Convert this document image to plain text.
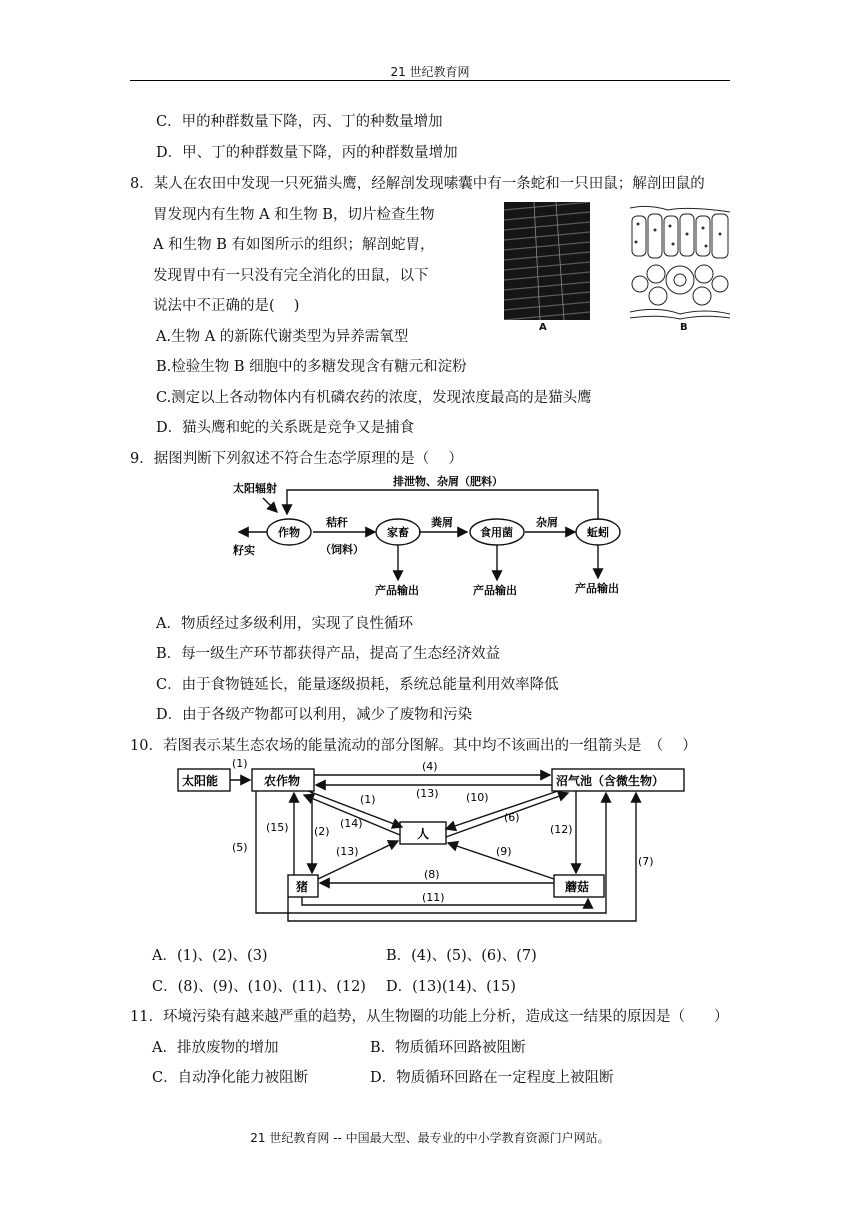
21 世纪教育网
C．甲的种群数量下降，丙、丁的种数量增加
D．甲、丁的种群数量下降，丙的种群数量增加
8．某人在农田中发现一只死猫头鹰，经解剖发现嗉囊中有一条蛇和一只田鼠；解剖田鼠的
胃发现内有生物 A 和生物 B，切片检查生物
A 和生物 B 有如图所示的组织；解剖蛇胃，
发现胃中有一只没有完全消化的田鼠，以下
说法中不正确的是(　 )
A	B
A.生物 A 的新陈代谢类型为异养需氧型
B.检验生物 B 细胞中的多糖发现含有糖元和淀粉
C.测定以上各动物体内有机磷农药的浓度，发现浓度最高的是猫头鹰
D．猫头鹰和蛇的关系既是竞争又是捕食
9．据图判断下列叙述不符合生态学原理的是（　 ）
太阳辐射
排泄物、杂屑（肥料）
作物
籽实
秸秆
（饲料）
家畜
粪屑
食用菌
杂屑
蚯蚓
产品输出	产品输出	产品输出
A．物质经过多级利用，实现了良性循环
B．每一级生产环节都获得产品，提高了生态经济效益
C．由于食物链延长，能量逐级损耗，系统总能量利用效率降低
D．由于各级产物都可以利用，减少了废物和污染
10．若图表示某生态农场的能量流动的部分图解。其中均不该画出的一组箭头是　（　 ）
太阳能	农作物	沼气池（含微生物）
人
猪	蘑菇
(1)	(4)
(13)
(1)
(14)
(10)
(6)
(15) (2)
(5)	(13)	(9)
(12)
(7)
(8)
(11)
A．(1)、(2)、(3)	B．(4)、(5)、(6)、(7)
C．(8)、(9)、(10)、(11)、(12) D．(13)(14)、(15)
11．环境污染有越来越严重的趋势，从生物圈的功能上分析，造成这一结果的原因是（　　）
A．排放废物的增加	B．物质循环回路被阻断
C．自动净化能力被阻断	D．物质循环回路在一定程度上被阻断
21 世纪教育网 -- 中国最大型、最专业的中小学教育资源门户网站。
